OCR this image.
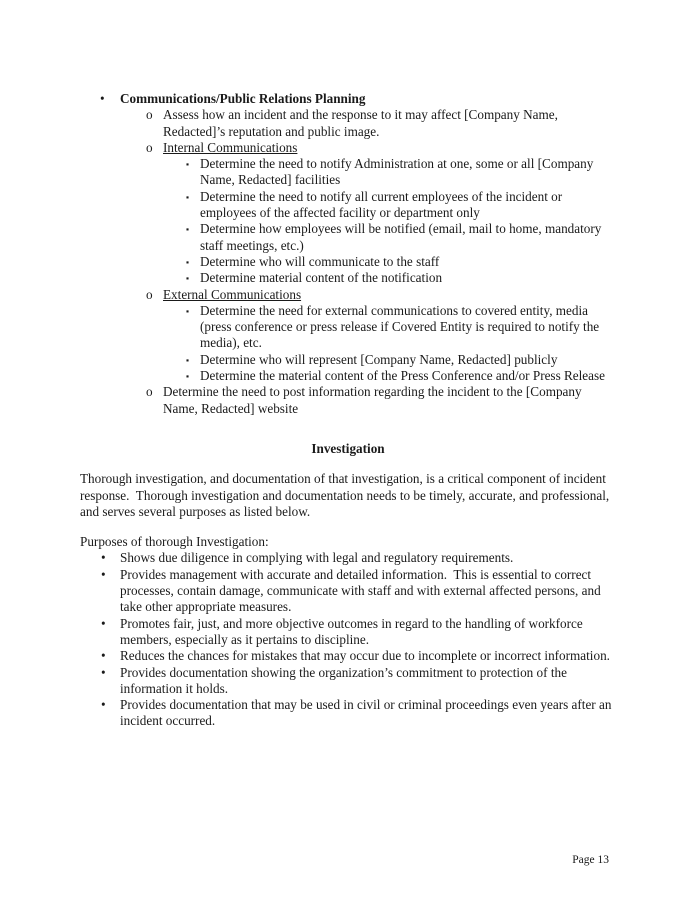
•	Communications/Public Relations Planning
o Assess how an incident and the response to it may affect [Company Name, Redacted]’s reputation and public image.
o Internal Communications
▪ Determine the need to notify Administration at one, some or all [Company Name, Redacted] facilities
▪ Determine the need to notify all current employees of the incident or employees of the affected facility or department only
▪ Determine how employees will be notified (email, mail to home, mandatory staff meetings, etc.)
▪ Determine who will communicate to the staff
▪ Determine material content of the notification
o External Communications
▪ Determine the need for external communications to covered entity, media (press conference or press release if Covered Entity is required to notify the media), etc.
▪ Determine who will represent [Company Name, Redacted] publicly
▪ Determine the material content of the Press Conference and/or Press Release
o Determine the need to post information regarding the incident to the [Company Name, Redacted] website
Investigation

Thorough investigation, and documentation of that investigation, is a critical component of incident response.  Thorough investigation and documentation needs to be timely, accurate, and professional, and serves several purposes as listed below.

Purposes of thorough Investigation:

•	Shows due diligence in complying with legal and regulatory requirements.
•	Provides management with accurate and detailed information.  This is essential to correct processes, contain damage, communicate with staff and with external affected persons, and take other appropriate measures.
•	Promotes fair, just, and more objective outcomes in regard to the handling of workforce members, especially as it pertains to discipline.
•	Reduces the chances for mistakes that may occur due to incomplete or incorrect information.
•	Provides documentation showing the organization’s commitment to protection of the information it holds.
•	Provides documentation that may be used in civil or criminal proceedings even years after an incident occurred.
Page 13
